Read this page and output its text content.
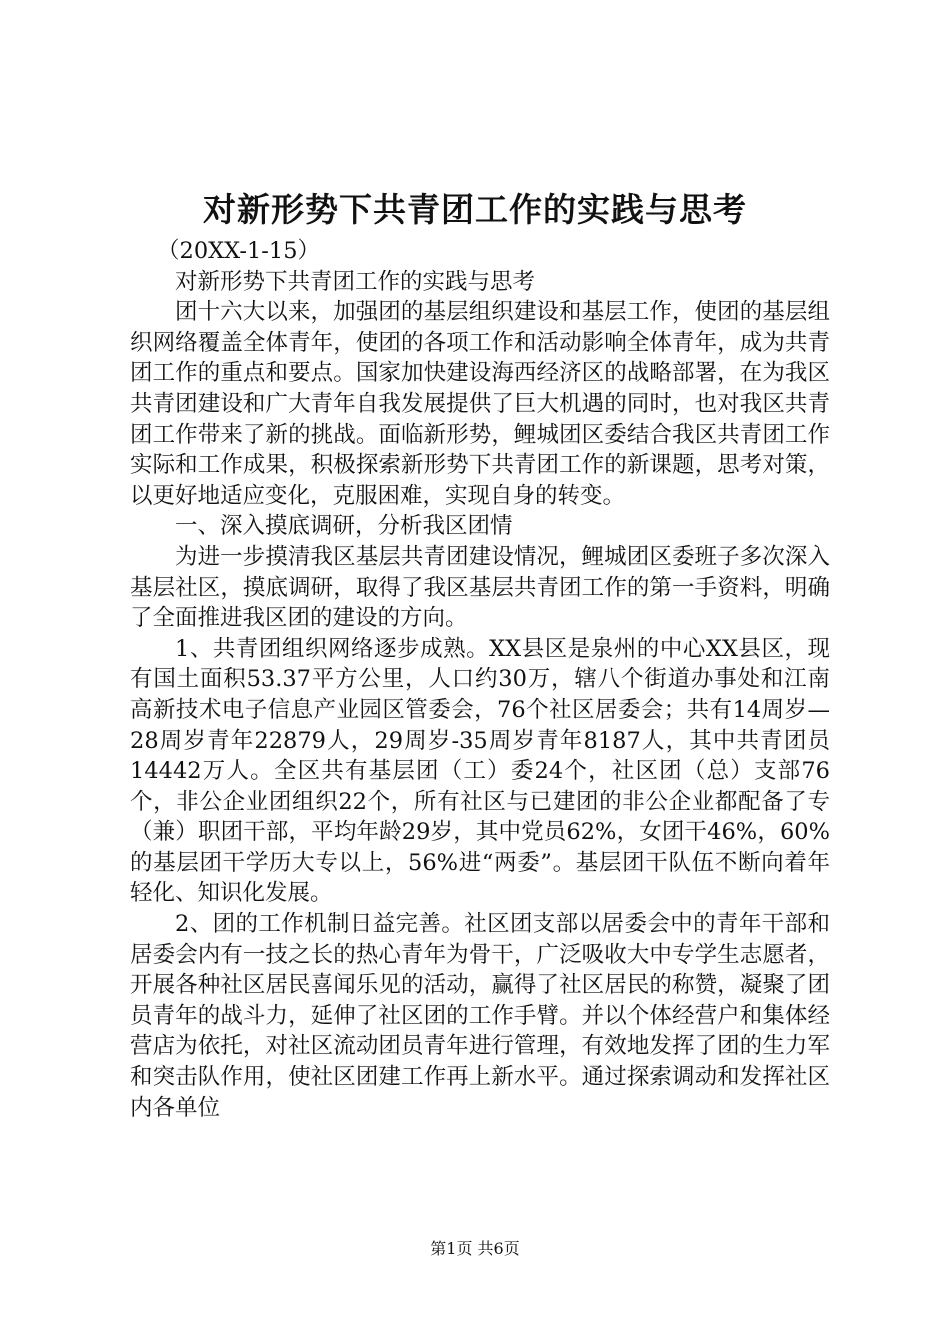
对新形势下共青团工作的实践与思考

（20XX-1-15）

对新形势下共青团工作的实践与思考

团十六大以来，加强团的基层组织建设和基层工作，使团的基层组织网络覆盖全体青年，使团的各项工作和活动影响全体青年，成为共青团工作的重点和要点。国家加快建设海西经济区的战略部署，在为我区共青团建设和广大青年自我发展提供了巨大机遇的同时，也对我区共青团工作带来了新的挑战。面临新形势，鲤城团区委结合我区共青团工作实际和工作成果，积极探索新形势下共青团工作的新课题，思考对策，以更好地适应变化，克服困难，实现自身的转变。

一、深入摸底调研，分析我区团情

为进一步摸清我区基层共青团建设情况，鲤城团区委班子多次深入基层社区，摸底调研，取得了我区基层共青团工作的第一手资料，明确了全面推进我区团的建设的方向。

1、共青团组织网络逐步成熟。XX县区是泉州的中心XX县区，现有国土面积53.37平方公里，人口约30万，辖八个街道办事处和江南高新技术电子信息产业园区管委会，76个社区居委会；共有14周岁—28周岁青年22879人，29周岁-35周岁青年8187人，其中共青团员14442万人。全区共有基层团（工）委24个，社区团（总）支部76个，非公企业团组织22个，所有社区与已建团的非公企业都配备了专（兼）职团干部，平均年龄29岁，其中党员62%，女团干46%，60%的基层团干学历大专以上，56%进“两委”。基层团干队伍不断向着年轻化、知识化发展。

2、团的工作机制日益完善。社区团支部以居委会中的青年干部和居委会内有一技之长的热心青年为骨干，广泛吸收大中专学生志愿者，开展各种社区居民喜闻乐见的活动，赢得了社区居民的称赞，凝聚了团员青年的战斗力，延伸了社区团的工作手臂。并以个体经营户和集体经营店为依托，对社区流动团员青年进行管理，有效地发挥了团的生力军和突击队作用，使社区团建工作再上新水平。通过探索调动和发挥社区内各单位

第1页 共6页
